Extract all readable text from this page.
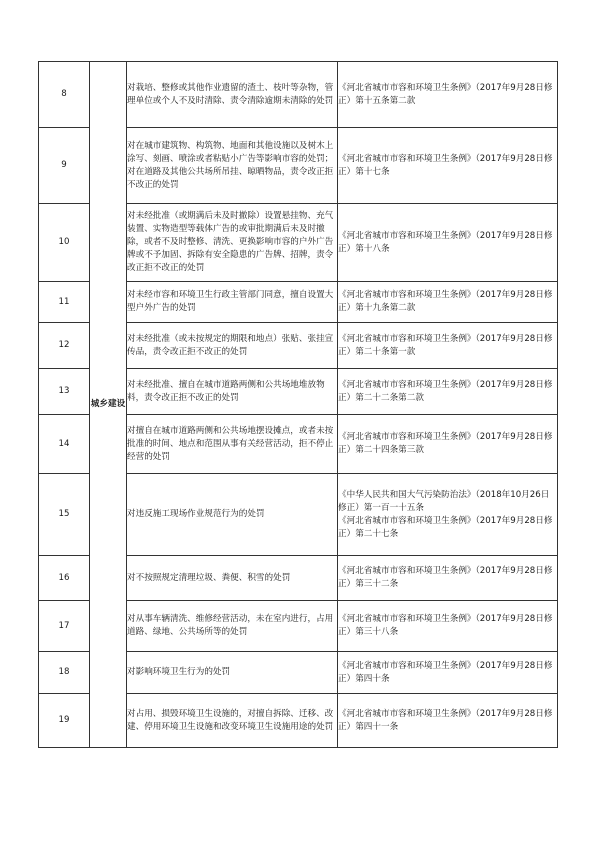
8	城乡建设	对栽培、整修或其他作业遗留的渣土、枝叶等杂物，管理单位或个人不及时清除、责令清除逾期未清除的处罚	《河北省城市市容和环境卫生条例》（2017年9月28日修正）第十五条第二款

9		对在城市建筑物、构筑物、地面和其他设施以及树木上涂写、刻画、喷涂或者粘贴小广告等影响市容的处罚；对在道路及其他公共场所吊挂、晾晒物品，责令改正拒不改正的处罚	《河北省城市市容和环境卫生条例》（2017年9月28日修正）第十七条

10		对未经批准（或期满后未及时撤除）设置悬挂物、充气装置、实物造型等载体广告的或审批期满后未及时撤除，或者不及时整修、清洗、更换影响市容的户外广告牌或不予加固、拆除有安全隐患的广告牌、招牌，责令改正拒不改正的处罚	《河北省城市市容和环境卫生条例》（2017年9月28日修正）第十八条

11		对未经市容和环境卫生行政主管部门同意，擅自设置大型户外广告的处罚	《河北省城市市容和环境卫生条例》（2017年9月28日修正）第十九条第二款

12		对未经批准（或未按规定的期限和地点）张贴、张挂宣传品，责令改正拒不改正的处罚	《河北省城市市容和环境卫生条例》（2017年9月28日修正）第二十条第一款

13		对未经批准、擅自在城市道路两侧和公共场地堆放物料，责令改正拒不改正的处罚	《河北省城市市容和环境卫生条例》（2017年9月28日修正）第二十二条第二款

14		对擅自在城市道路两侧和公共场地摆设摊点，或者未按批准的时间、地点和范围从事有关经营活动，拒不停止经营的处罚	《河北省城市市容和环境卫生条例》（2017年9月28日修正）第二十四条第三款

15		对违反施工现场作业规范行为的处罚	《中华人民共和国大气污染防治法》（2018年10月26日修正）第一百一十五条
《河北省城市市容和环境卫生条例》（2017年9月28日修正）第二十七条

16		对不按照规定清理垃圾、粪便、积雪的处罚	《河北省城市市容和环境卫生条例》（2017年9月28日修正）第三十二条

17		对从事车辆清洗、维修经营活动，未在室内进行，占用道路、绿地、公共场所等的处罚	《河北省城市市容和环境卫生条例》（2017年9月28日修正）第三十八条

18		对影响环境卫生行为的处罚	《河北省城市市容和环境卫生条例》（2017年9月28日修正）第四十条

19		对占用、损毁环境卫生设施的，对擅自拆除、迁移、改建、停用环境卫生设施和改变环境卫生设施用途的处罚	《河北省城市市容和环境卫生条例》（2017年9月28日修正）第四十一条
